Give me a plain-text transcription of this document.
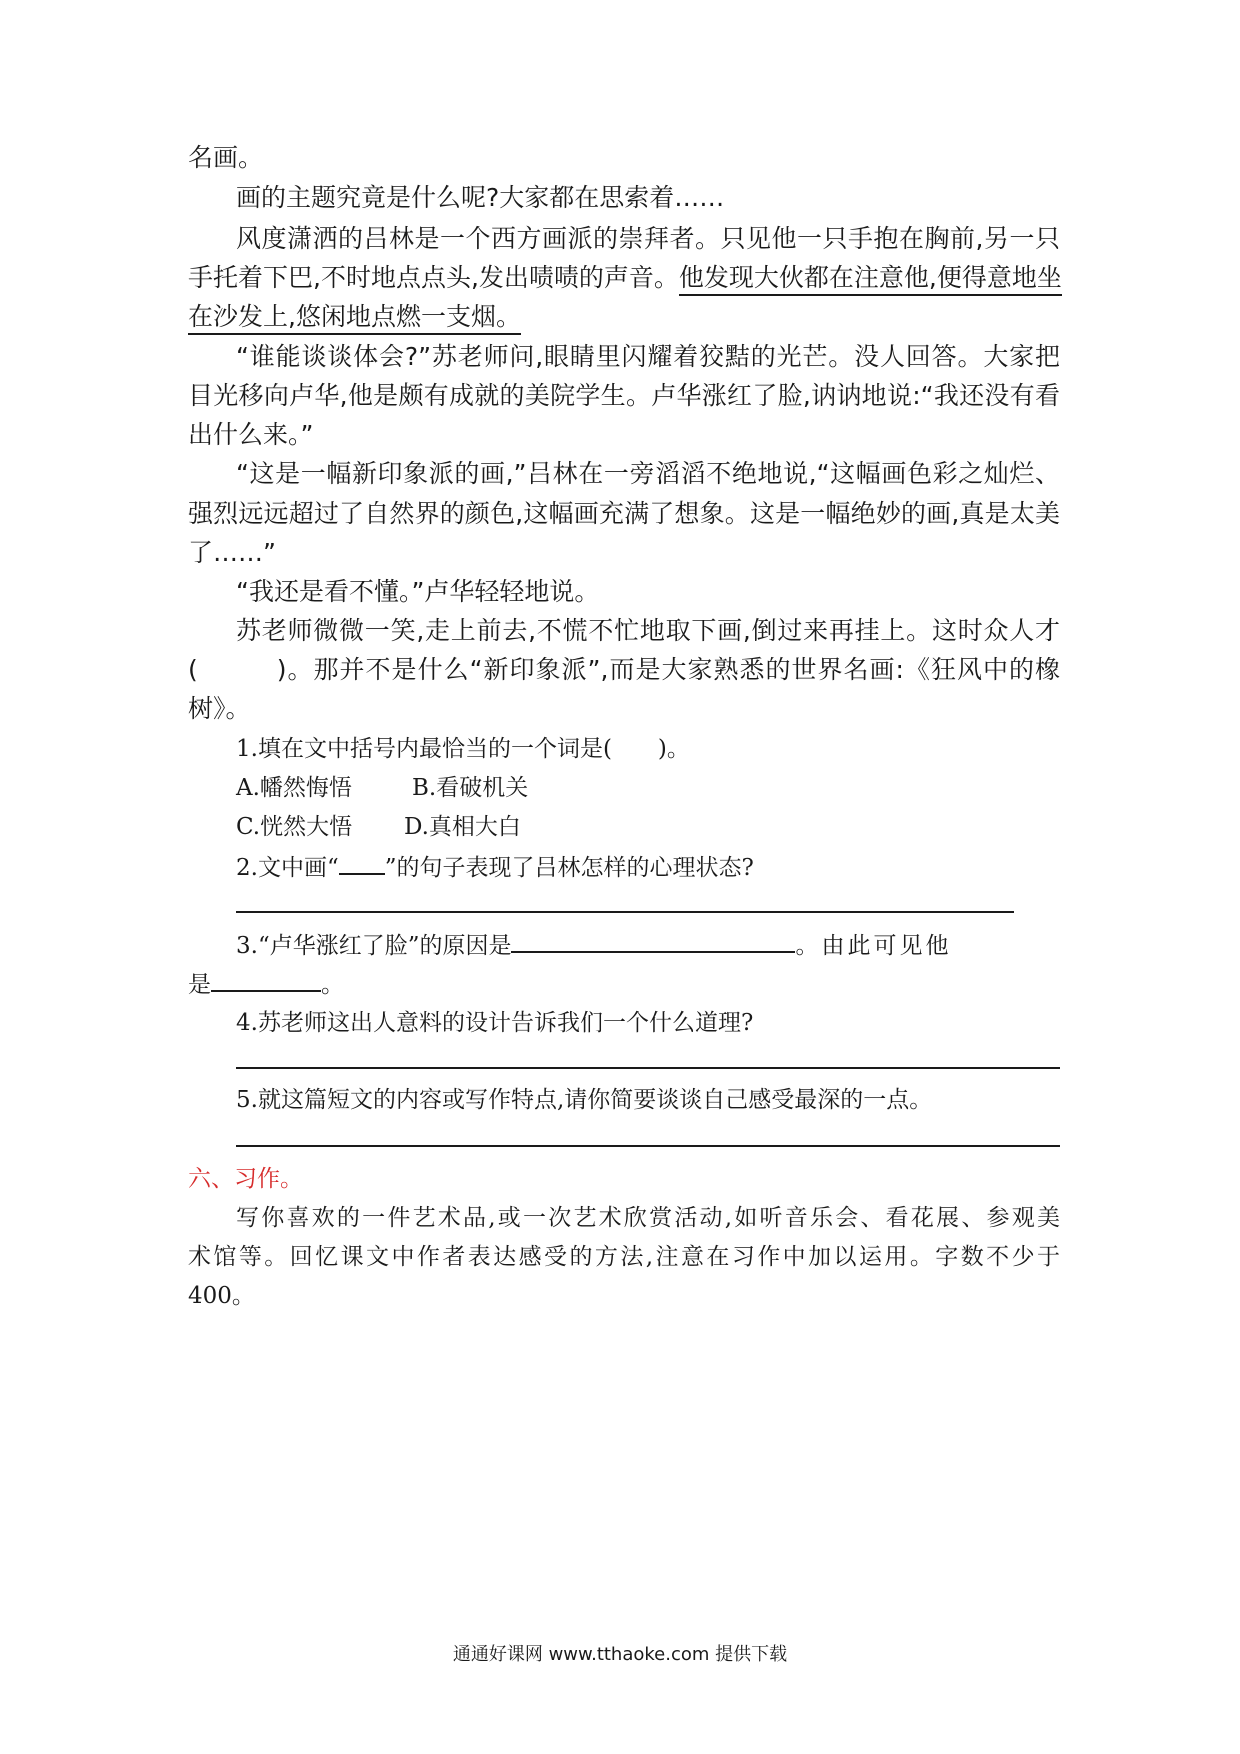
名画。
画的主题究竟是什么呢?大家都在思索着……
风度潇洒的吕林是一个西方画派的崇拜者。只见他一只手抱在胸前,另一只
手托着下巴,不时地点点头,发出啧啧的声音。他发现大伙都在注意他,便得意地坐
在沙发上,悠闲地点燃一支烟。
“谁能谈谈体会?”苏老师问,眼睛里闪耀着狡黠的光芒。没人回答。大家把
目光移向卢华,他是颇有成就的美院学生。卢华涨红了脸,讷讷地说:“我还没有看
出什么来。”
“这是一幅新印象派的画,”吕林在一旁滔滔不绝地说,“这幅画色彩之灿烂、
强烈远远超过了自然界的颜色,这幅画充满了想象。这是一幅绝妙的画,真是太美
了……”
“我还是看不懂。”卢华轻轻地说。
苏老师微微一笑,走上前去,不慌不忙地取下画,倒过来再挂上。这时众人才
(　　　)。那并不是什么“新印象派”,而是大家熟悉的世界名画:《狂风中的橡
树》。
1.填在文中括号内最恰当的一个词是(　　)。
A.幡然悔悟	B.看破机关
C.恍然大悟 D.真相大白
2.文中画“ ”的句子表现了吕林怎样的心理状态?
3.“卢华涨红了脸”的原因是	。由此可见他
是	。
4.苏老师这出人意料的设计告诉我们一个什么道理?
5.就这篇短文的内容或写作特点,请你简要谈谈自己感受最深的一点。
六、习作。
写你喜欢的一件艺术品,或一次艺术欣赏活动,如听音乐会、看花展、参观美
术馆等。回忆课文中作者表达感受的方法,注意在习作中加以运用。字数不少于
400。
通通好课网 www.tthaoke.com 提供下载
